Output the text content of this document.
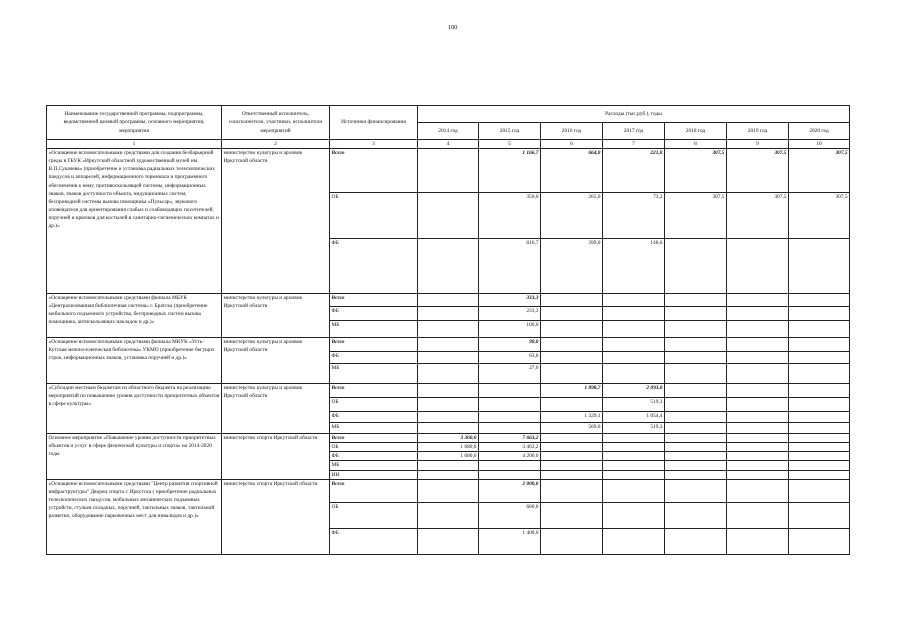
100
Наименование государственной программы, подпрограммы, ведомственной целевой программы, основного мероприятия, мероприятия	Ответственный исполнитель, соисполнители, участники, исполнители мероприятий	Источники финансирования	Расходы (тыс.руб.), годы						
			2014 год	2015 год	2016 год	2017 год	2018 год	2019 год	2020 год
1	2	3	4	5	6	7	8	9	10
«Оснащение вспомогательными средствами для создания безбарьерной среды в ГБУК «Иркутский областной художественный музей им. В.П.Сукачева» (приобретение и установка радиальных телескопических пандусов и аппарелей, информационного терминала и программного обеспечения к нему, противоскользящей системы, информационных знаков, знаков доступности объекта, индукционных систем, беспроводной системы вызова помощника «Пульсар», звукового оповещателя для ориентирования слабых и слабовидящих посетителей, поручней и крючков для костылей в санитарно-гигиенических комнатах и др.)»	министерство культуры и архивов Иркутской области	Всего		1 166,7	664,0	221,8	307,5	307,5	307,5
		ОБ		350,0	265,0	73,2	307,5	307,5	307,5
		ФБ		816,7	399,0	148,6			
«Оснащение вспомогательными средствами филиала МБУК «Централизованная библиотечная система» г. Братска (приобретение мобильного подъемного устройства, беспроводных систем вызова помощника, антискользящих накладок и др.)»	министерство культуры и архивов Иркутской области	Всего		333,3					
		ФБ		233,3					
		МБ		100,0					
«Оснащение вспомогательными средствами филиала МКУК «Усть-Кутская межпоселенческая библиотека» УКМО (приобретение бегущих строк, информационных знаков, установка поручней и др.)»	министерство культуры и архивов Иркутской области	Всего		90,0					
		ФБ		63,0					
		МБ		27,0					
«Субсидии местным бюджетам из областного бюджета на реализацию мероприятий по повышению уровня доступности приоритетных объектов в сфере культуры»	министерство культуры и архивов Иркутской области	Всего			1 898,7	2 093,0			
		ОБ				519,3			
		ФБ			1 329,1	1 054,4			
		МБ			569,6	519,3			
Основное мероприятие «Повышение уровня доступности приоритетных объектов и услуг в сфере физической культуры и спорта» на 2014-2020 годы	министерство спорта Иркутской области	Всего	3 360,0	7 663,2					
		ОБ	1 680,0	3 463,2					
		ФБ	1 680,0	4 200,0					
		МБ							
		ИИ							
«Оснащение вспомогательными средствами "Центр развития спортивной инфраструктуры" Дворец спорта г. Иркутска ( приобретение радиальных телескопических пандусов, мобильных механических подъемных устройств, стульев складных, поручней, тактильных знаков, тактильной разметки, оборудование парковочных мест для инвалидов и др.)»	министерство спорта Иркутской области	Всего		2 000,0					
		ОБ		600,0					
		ФБ		1 400,0					
